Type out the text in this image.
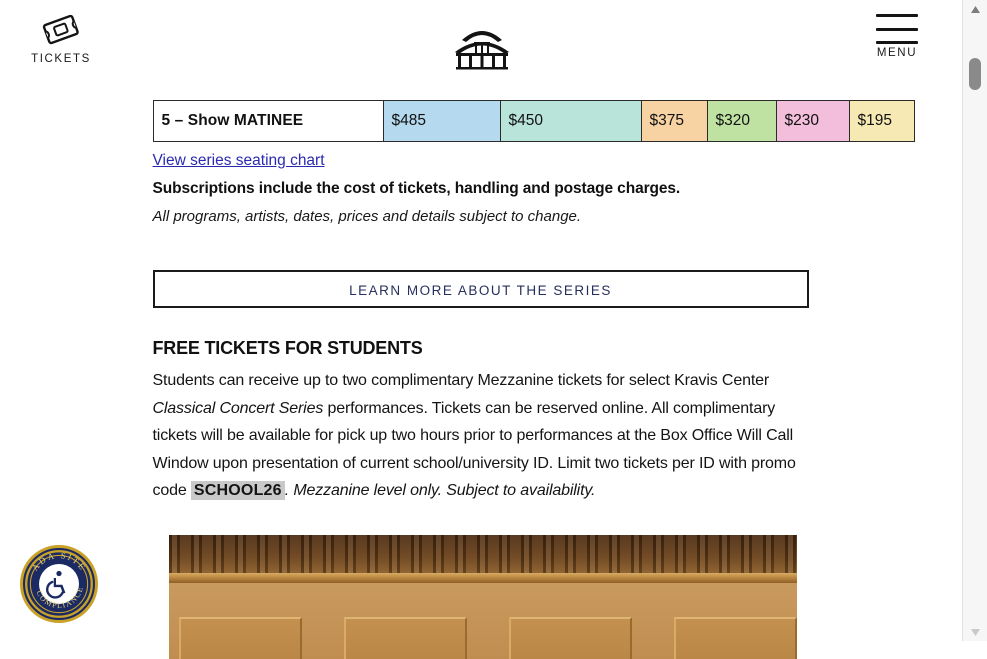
TICKETS	MENU
5 – Show MATINEE	$485	$450	$375	$320	$230	$195
View series seating chart

Subscriptions include the cost of tickets, handling and postage charges.

All programs, artists, dates, prices and details subject to change.

LEARN MORE ABOUT THE SERIES
FREE TICKETS FOR STUDENTS

Students can receive up to two complimentary Mezzanine tickets for select Kravis Center Classical Concert Series performances. Tickets can be reserved online. All complimentary tickets will be available for pick up two hours prior to performances at the Box Office Will Call Window upon presentation of current school/university ID. Limit two tickets per ID with promo code SCHOOL26 . Mezzanine level only. Subject to availability.

ADA SITE
COMPLIANCE
